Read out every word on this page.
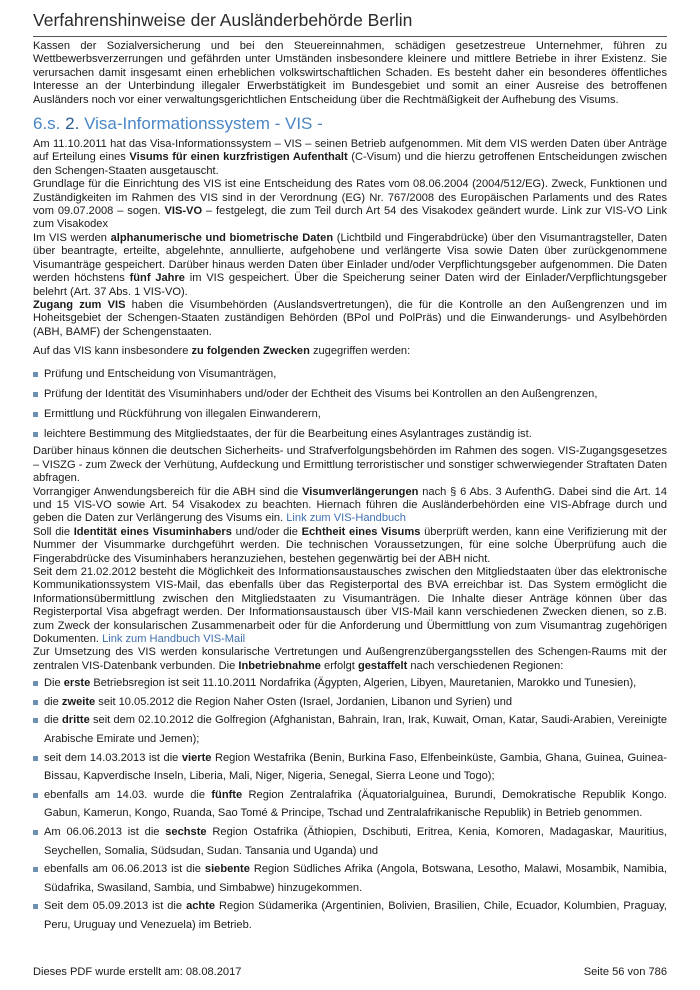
Verfahrenshinweise der Ausländerbehörde Berlin

Kassen der Sozialversicherung und bei den Steuereinnahmen, schädigen gesetzestreue Unternehmer, führen zu Wettbewerbsverzerrungen und gefährden unter Umständen insbesondere kleinere und mittlere Betriebe in ihrer Existenz. Sie verursachen damit insgesamt einen erheblichen volkswirtschaftlichen Schaden. Es besteht daher ein besonderes öffentliches Interesse an der Unterbindung illegaler Erwerbstätigkeit im Bundesgebiet und somit an einer Ausreise des betroffenen Ausländers noch vor einer verwaltungsgerichtlichen Entscheidung über die Rechtmäßigkeit der Aufhebung des Visums.

6.s. 2. Visa-Informationssystem - VIS -

Am 11.10.2011 hat das Visa-Informationssystem – VIS – seinen Betrieb aufgenommen. Mit dem VIS werden Daten über Anträge auf Erteilung eines Visums für einen kurzfristigen Aufenthalt (C-Visum) und die hierzu getroffenen Entscheidungen zwischen den Schengen-Staaten ausgetauscht.

Grundlage für die Einrichtung des VIS ist eine Entscheidung des Rates vom 08.06.2004 (2004/512/EG). Zweck, Funktionen und Zuständigkeiten im Rahmen des VIS sind in der Verordnung (EG) Nr. 767/2008 des Europäischen Parlaments und des Rates vom 09.07.2008 – sogen. VIS-VO – festgelegt, die zum Teil durch Art 54 des Visakodex geändert wurde. Link zur VIS-VO Link zum Visakodex

Im VIS werden alphanumerische und biometrische Daten (Lichtbild und Fingerabdrücke) über den Visumantragsteller, Daten über beantragte, erteilte, abgelehnte, annullierte, aufgehobene und verlängerte Visa sowie Daten über zurückgenommene Visumanträge gespeichert. Darüber hinaus werden Daten über Einlader und/oder Verpflichtungsgeber aufgenommen. Die Daten werden höchstens fünf Jahre im VIS gespeichert. Über die Speicherung seiner Daten wird der Einlader/Verpflichtungsgeber belehrt (Art. 37 Abs. 1 VIS-VO).

Zugang zum VIS haben die Visumbehörden (Auslandsvertretungen), die für die Kontrolle an den Außengrenzen und im Hoheitsgebiet der Schengen-Staaten zuständigen Behörden (BPol und PolPräs) und die Einwanderungs- und Asylbehörden (ABH, BAMF) der Schengenstaaten.

Auf das VIS kann insbesondere zu folgenden Zwecken zugegriffen werden:

Prüfung und Entscheidung von Visumanträgen,
Prüfung der Identität des Visuminhabers und/oder der Echtheit des Visums bei Kontrollen an den Außengrenzen,
Ermittlung und Rückführung von illegalen Einwanderern,
leichtere Bestimmung des Mitgliedstaates, der für die Bearbeitung eines Asylantrages zuständig ist.

Darüber hinaus können die deutschen Sicherheits- und Strafverfolgungsbehörden im Rahmen des sogen. VIS-Zugangsgesetzes – VISZG - zum Zweck der Verhütung, Aufdeckung und Ermittlung terroristischer und sonstiger schwerwiegender Straftaten Daten abfragen.

Vorrangiger Anwendungsbereich für die ABH sind die Visumverlängerungen nach § 6 Abs. 3 AufenthG. Dabei sind die Art. 14 und 15 VIS-VO sowie Art. 54 Visakodex zu beachten. Hiernach führen die Ausländerbehörden eine VIS-Abfrage durch und geben die Daten zur Verlängerung des Visums ein. Link zum VIS-Handbuch

Soll die Identität eines Visuminhabers und/oder die Echtheit eines Visums überprüft werden, kann eine Verifizierung mit der Nummer der Visummarke durchgeführt werden. Die technischen Voraussetzungen, für eine solche Überprüfung auch die Fingerabdrücke des Visuminhabers heranzuziehen, bestehen gegenwärtig bei der ABH nicht.

Seit dem 21.02.2012 besteht die Möglichkeit des Informationsaustausches zwischen den Mitgliedstaaten über das elektronische Kommunikationssystem VIS-Mail, das ebenfalls über das Registerportal des BVA erreichbar ist. Das System ermöglicht die Informationsübermittlung zwischen den Mitgliedstaaten zu Visumanträgen. Die Inhalte dieser Anträge können über das Registerportal Visa abgefragt werden. Der Informationsaustausch über VIS-Mail kann verschiedenen Zwecken dienen, so z.B. zum Zweck der konsularischen Zusammenarbeit oder für die Anforderung und Übermittlung von zum Visumantrag zugehörigen Dokumenten. Link zum Handbuch VIS-Mail

Zur Umsetzung des VIS werden konsularische Vertretungen und Außengrenzübergangsstellen des Schengen-Raums mit der zentralen VIS-Datenbank verbunden. Die Inbetriebnahme erfolgt gestaffelt nach verschiedenen Regionen:

Die erste Betriebsregion ist seit 11.10.2011 Nordafrika (Ägypten, Algerien, Libyen, Mauretanien, Marokko und Tunesien),
die zweite seit 10.05.2012 die Region Naher Osten (Israel, Jordanien, Libanon und Syrien) und
die dritte seit dem 02.10.2012 die Golfregion (Afghanistan, Bahrain, Iran, Irak, Kuwait, Oman, Katar, Saudi-Arabien, Vereinigte Arabische Emirate und Jemen);
seit dem 14.03.2013 ist die vierte Region Westafrika (Benin, Burkina Faso, Elfenbeinküste, Gambia, Ghana, Guinea, Guinea-Bissau, Kapverdische Inseln, Liberia, Mali, Niger, Nigeria, Senegal, Sierra Leone und Togo);
ebenfalls am 14.03. wurde die fünfte Region Zentralafrika (Äquatorialguinea, Burundi, Demokratische Republik Kongo. Gabun, Kamerun, Kongo, Ruanda, Sao Tomé & Principe, Tschad und Zentralafrikanische Republik) in Betrieb genommen.
Am 06.06.2013 ist die sechste Region Ostafrika (Äthiopien, Dschibuti, Eritrea, Kenia, Komoren, Madagaskar, Mauritius, Seychellen, Somalia, Südsudan, Sudan. Tansania und Uganda) und
ebenfalls am 06.06.2013 ist die siebente Region Südliches Afrika (Angola, Botswana, Lesotho, Malawi, Mosambik, Namibia, Südafrika, Swasiland, Sambia, und Simbabwe) hinzugekommen.
Seit dem 05.09.2013 ist die achte Region Südamerika (Argentinien, Bolivien, Brasilien, Chile, Ecuador, Kolumbien, Praguay, Peru, Uruguay und Venezuela) im Betrieb.
Dieses PDF wurde erstellt am: 08.08.2017	Seite 56 von 786
